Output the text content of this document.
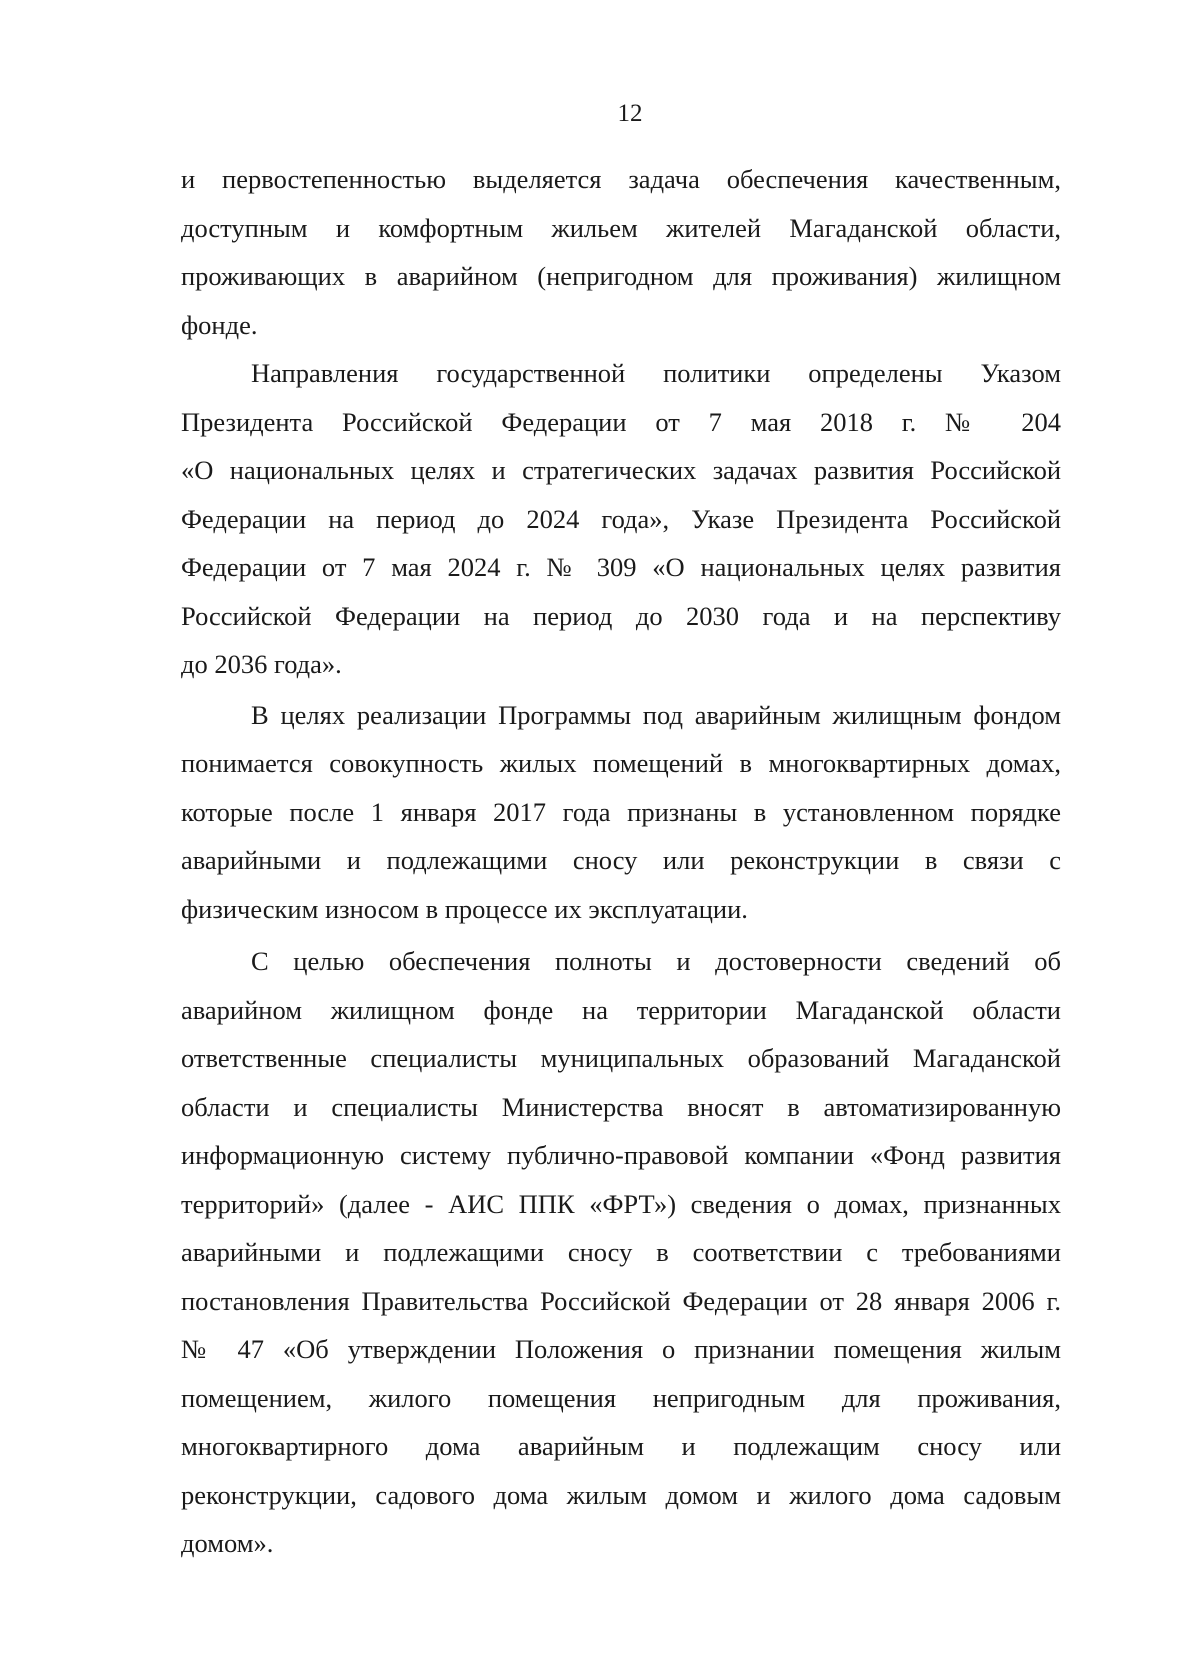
12
и первостепенностью выделяется задача обеспечения качественным,
доступным и комфортным жильем жителей Магаданской области,
проживающих в аварийном (непригодном для проживания) жилищном
фонде.
Направления государственной политики определены Указом
Президента Российской Федерации от 7 мая 2018 г. № 204
«О национальных целях и стратегических задачах развития Российской
Федерации на период до 2024 года», Указе Президента Российской
Федерации от 7 мая 2024 г. № 309 «О национальных целях развития
Российской Федерации на период до 2030 года и на перспективу
до 2036 года».
В целях реализации Программы под аварийным жилищным фондом
понимается совокупность жилых помещений в многоквартирных домах,
которые после 1 января 2017 года признаны в установленном порядке
аварийными и подлежащими сносу или реконструкции в связи с
физическим износом в процессе их эксплуатации.
С целью обеспечения полноты и достоверности сведений об
аварийном жилищном фонде на территории Магаданской области
ответственные специалисты муниципальных образований Магаданской
области и специалисты Министерства вносят в автоматизированную
информационную систему публично-правовой компании «Фонд развития
территорий» (далее - АИС ППК «ФРТ») сведения о домах, признанных
аварийными и подлежащими сносу в соответствии с требованиями
постановления Правительства Российской Федерации от 28 января 2006 г.
№ 47 «Об утверждении Положения о признании помещения жилым
помещением, жилого помещения непригодным для проживания,
многоквартирного дома аварийным и подлежащим сносу или
реконструкции, садового дома жилым домом и жилого дома садовым
домом».
